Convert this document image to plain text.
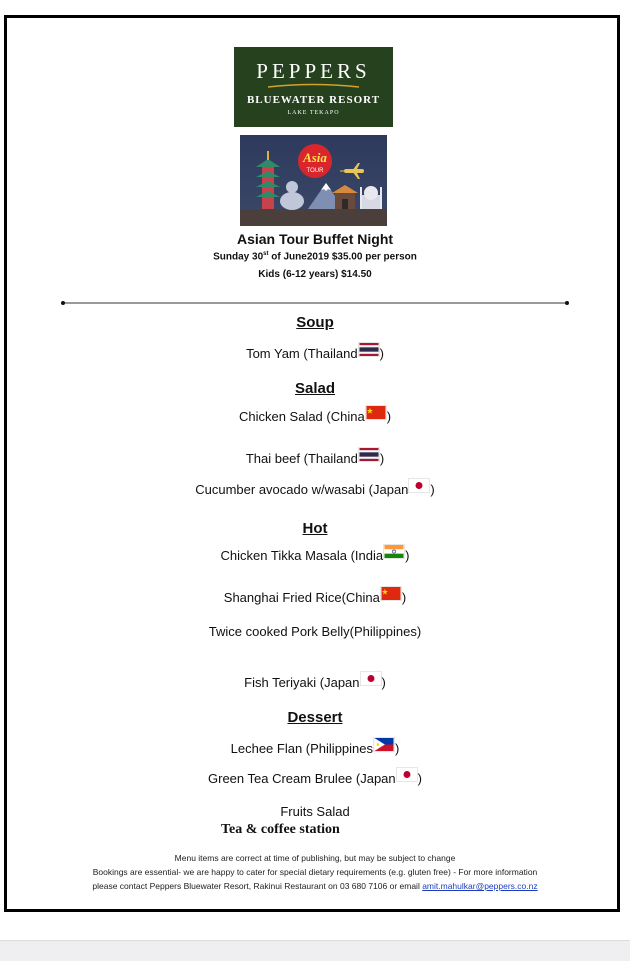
PEPPERS
BLUEWATER RESORT
LAKE TEKAPO
Asia
TOUR
Asian Tour Buffet Night
Sunday 30st of June2019 $35.00 per person
Kids (6-12 years) $14.50
Soup
Tom Yam (Thailand )
Salad
Chicken Salad (China )
Thai beef (Thailand )
Cucumber avocado w/wasabi (Japan )
Hot
Chicken Tikka Masala (India )
Shanghai Fried Rice(China )
Twice cooked Pork Belly(Philippines)
Fish Teriyaki (Japan )
Dessert
Lechee Flan (Philippines )
Green Tea Cream Brulee (Japan )
Fruits Salad
Tea & coffee station
Menu items are correct at time of publishing, but may be subject to change
Bookings are essential- we are happy to cater for special dietary requirements (e.g. gluten free) - For more information
please contact Peppers Bluewater Resort, Rakinui Restaurant on 03 680 7106 or email amit.mahulkar@peppers.co.nz
